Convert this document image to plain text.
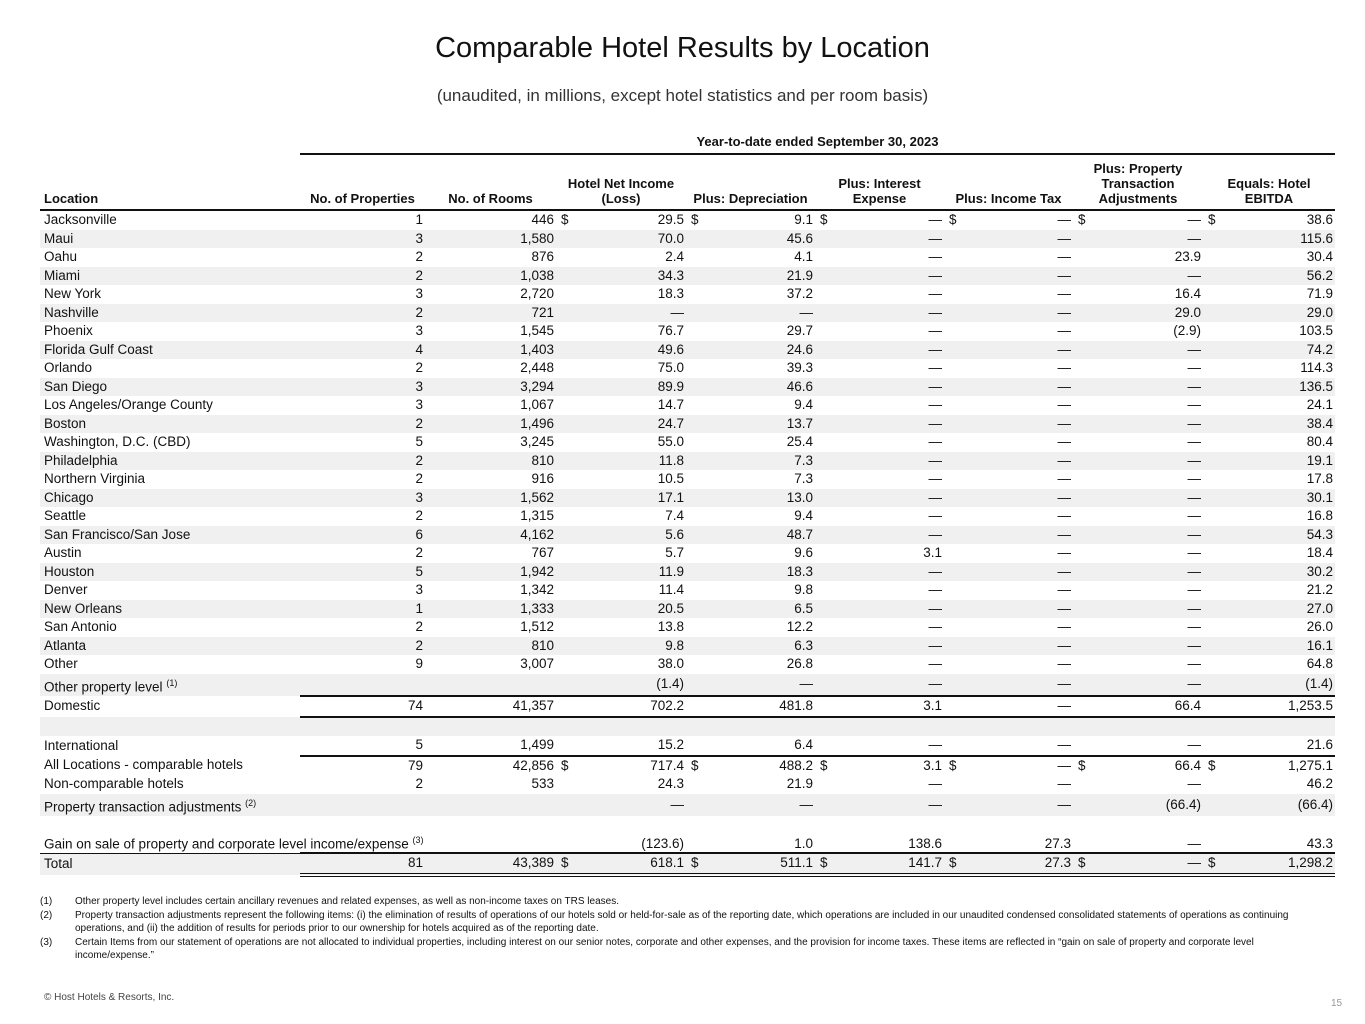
Comparable Hotel Results by Location
(unaudited, in millions, except hotel statistics and per room basis)
Year-to-date ended September 30, 2023
Location	No. of Properties	No. of Rooms	Hotel Net Income (Loss)	Plus: Depreciation	Plus: Interest Expense	Plus: Income Tax	Plus: Property Transaction Adjustments	Equals: Hotel EBITDA
Jacksonville	1	446	$ 29.5	$ 9.1	$ —	$ —	$ —	$ 38.6

Maui	3	1,580	70.0	45.6	—	—	—	115.6
Oahu	2	876	2.4	4.1	—	—	23.9	30.4
Miami	2	1,038	34.3	21.9	—	—	—	56.2
New York	3	2,720	18.3	37.2	—	—	16.4	71.9
Nashville	2	721	—	—	—	—	29.0	29.0
Phoenix	3	1,545	76.7	29.7	—	—	(2.9)	103.5
Florida Gulf Coast	4	1,403	49.6	24.6	—	—	—	74.2
Orlando	2	2,448	75.0	39.3	—	—	—	114.3
San Diego	3	3,294	89.9	46.6	—	—	—	136.5
Los Angeles/Orange County	3	1,067	14.7	9.4	—	—	—	24.1
Boston	2	1,496	24.7	13.7	—	—	—	38.4
Washington, D.C. (CBD)	5	3,245	55.0	25.4	—	—	—	80.4
Philadelphia	2	810	11.8	7.3	—	—	—	19.1
Northern Virginia	2	916	10.5	7.3	—	—	—	17.8
Chicago	3	1,562	17.1	13.0	—	—	—	30.1
Seattle	2	1,315	7.4	9.4	—	—	—	16.8
San Francisco/San Jose	6	4,162	5.6	48.7	—	—	—	54.3
Austin	2	767	5.7	9.6	3.1	—	—	18.4
Houston	5	1,942	11.9	18.3	—	—	—	30.2
Denver	3	1,342	11.4	9.8	—	—	—	21.2
New Orleans	1	1,333	20.5	6.5	—	—	—	27.0
San Antonio	2	1,512	13.8	12.2	—	—	—	26.0
Atlanta	2	810	9.8	6.3	—	—	—	16.1
Other	9	3,007	38.0	26.8	—	—	—	64.8
Other property level $^{(1)}$			(1.4)	—	—	—	—	(1.4)
Domestic	74	41,357	702.2	481.8	3.1	—	66.4	1,253.5

International	5	1,499	15.2	6.4	—	—	—	21.6
All Locations - comparable hotels	79	42,856	$ 717.4	$ 488.2	$ 3.1	$ —	$ 66.4	$ 1,275.1

Non-comparable hotels	2	533	24.3	21.9	—	—	—	46.2
Property transaction adjustments $^{(2)}$			—	—	—	—	(66.4)	(66.4)
Gain on sale of property and corporate level income/expense $^{(3)}$			(123.6)	1.0	138.6	27.3	—	43.3
Total	81	43,389	$ 618.1	$ 511.1	$ 141.7	$ 27.3	$ —	$ 1,298.2
(1)	Other property level includes certain ancillary revenues and related expenses, as well as non-income taxes on TRS leases.
(2)	Property transaction adjustments represent the following items: (i) the elimination of results of operations of our hotels sold or held-for-sale as of the reporting date, which operations are included in our unaudited condensed consolidated statements of operations as continuing operations, and (ii) the addition of results for periods prior to our ownership for hotels acquired as of the reporting date.
(3)	Certain Items from our statement of operations are not allocated to individual properties, including interest on our senior notes, corporate and other expenses, and the provision for income taxes. These items are reflected in “gain on sale of property and corporate level income/expense.”
© Host Hotels & Resorts, Inc.
15
